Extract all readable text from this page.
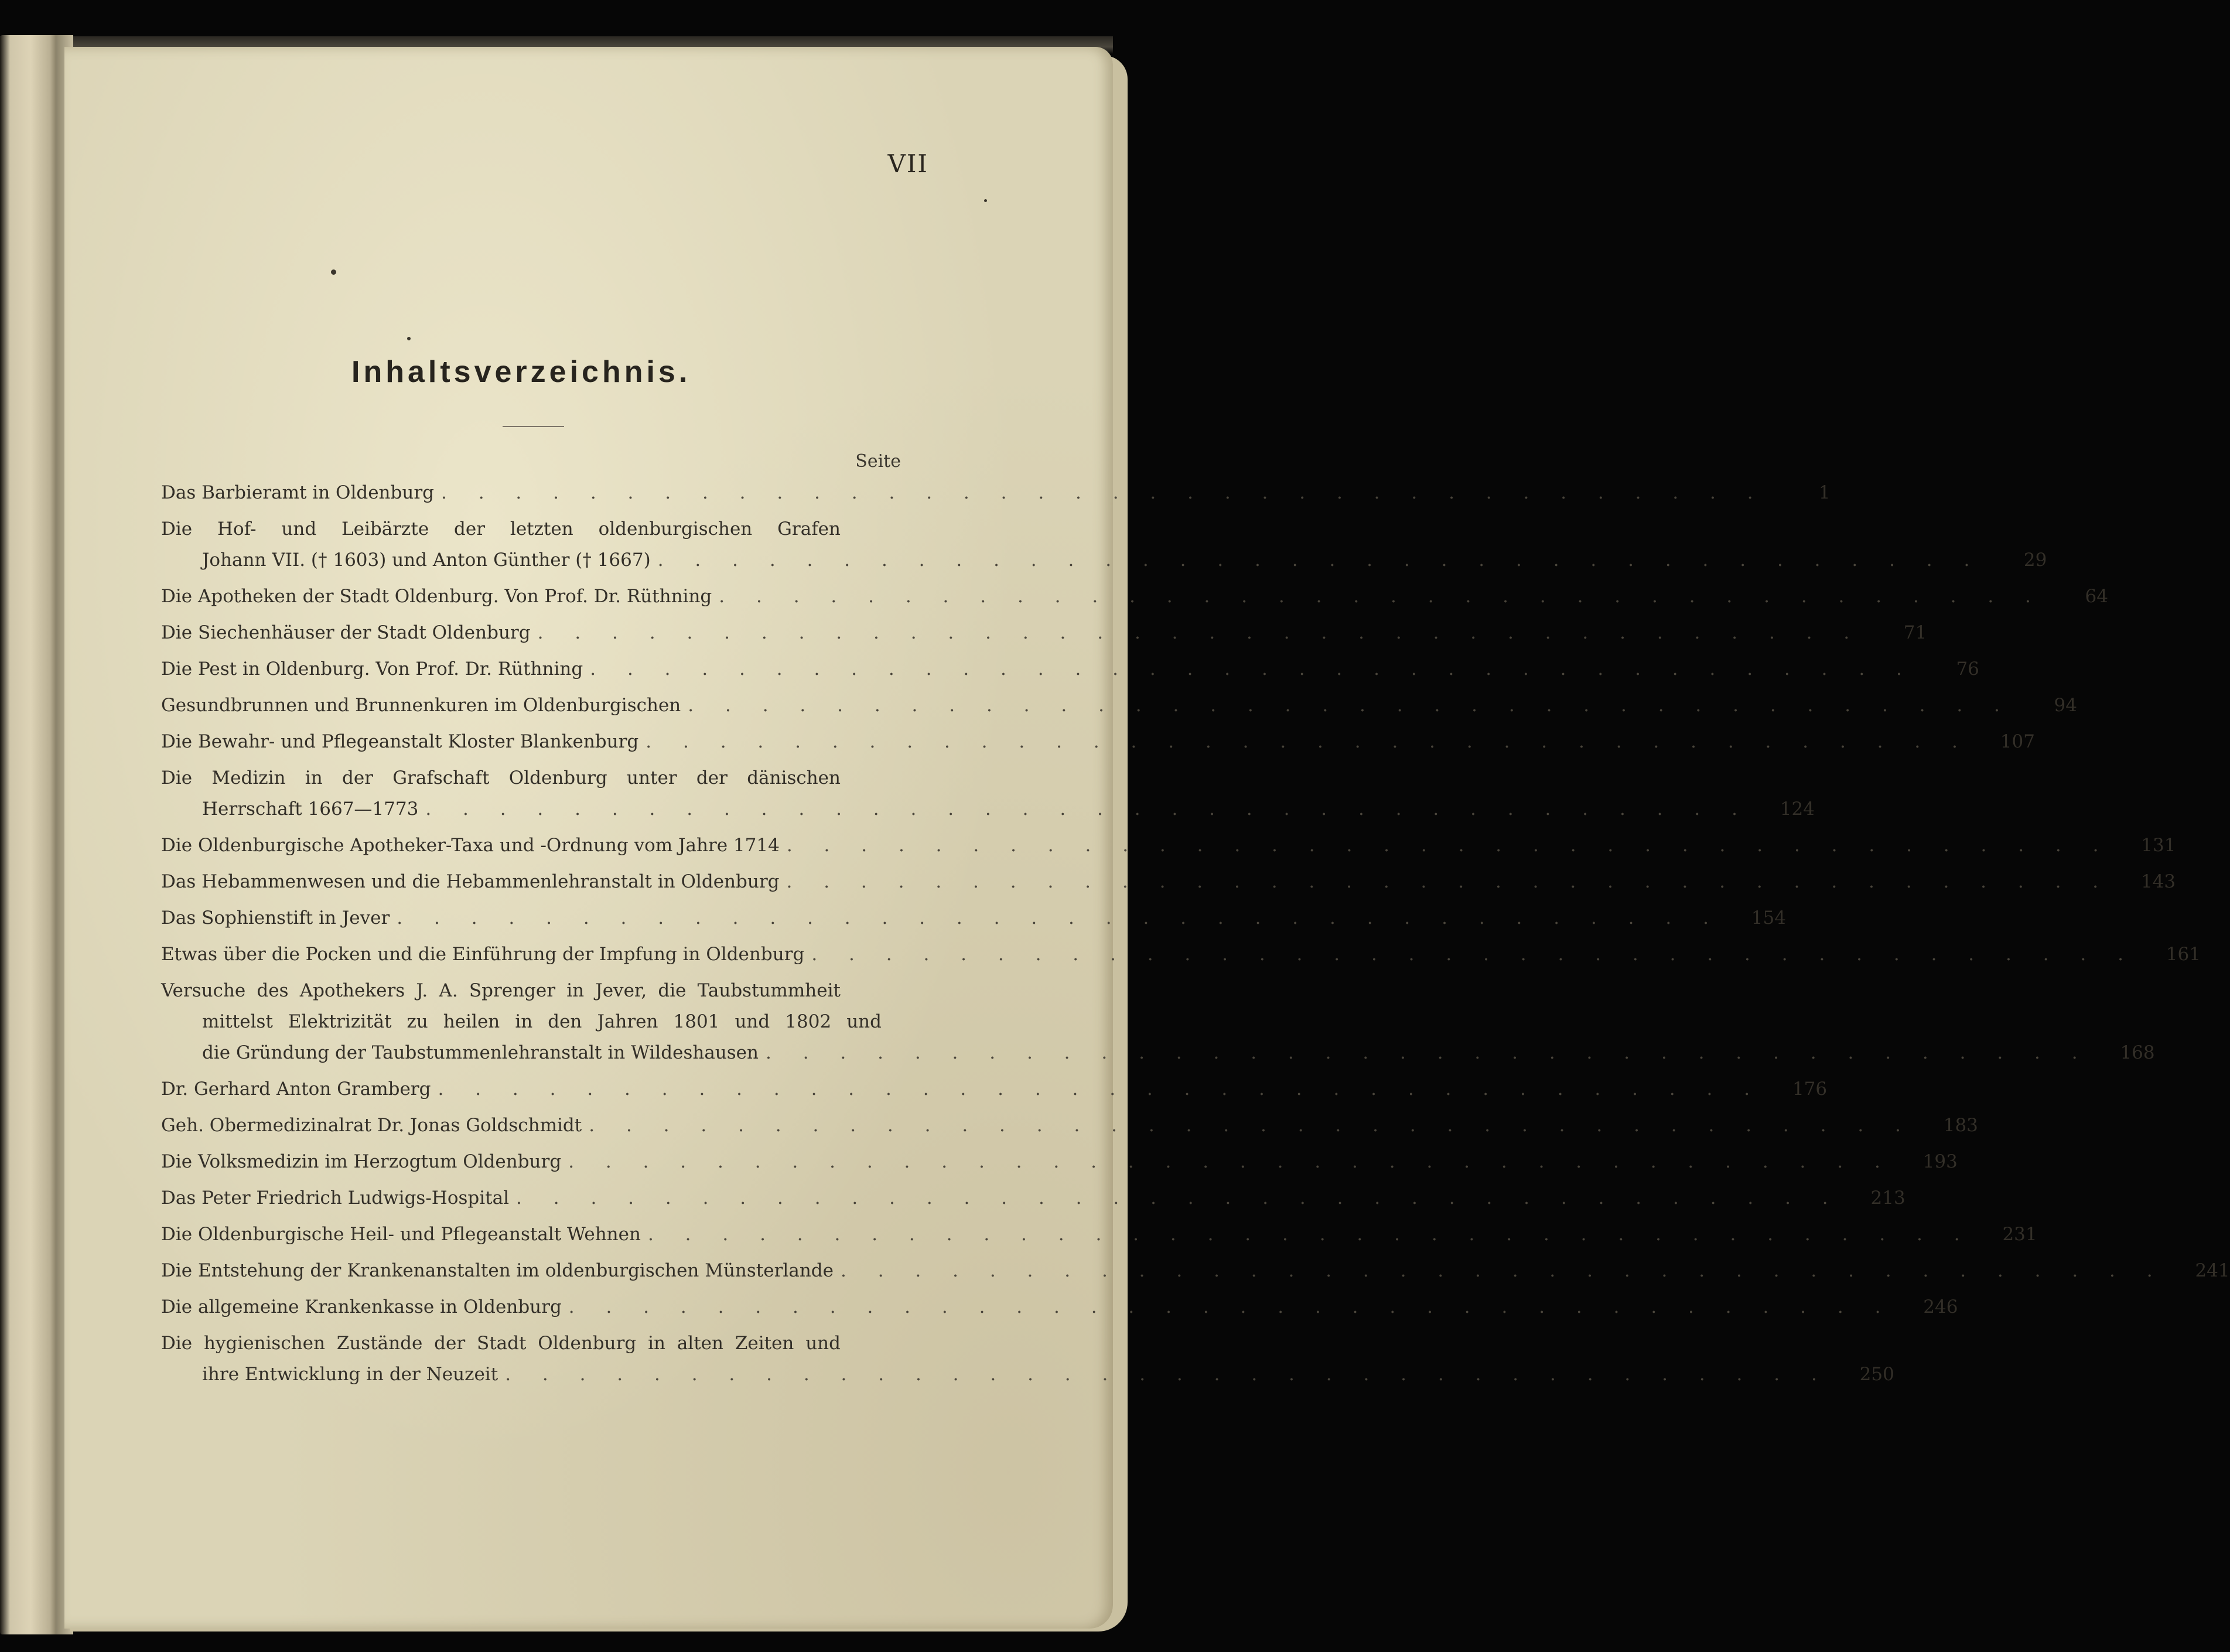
VII
Inhaltsverzeichnis.
Seite
Das Barbieramt in Oldenburg . . . . . . . . . . . . . . . . . . . . . . . . . . . . . . . . . . . .	1
Die Hof- und Leibärzte der letzten oldenburgischen Grafen
Johann VII. († 1603) und Anton Günther († 1667) . . . . . . . . . . . . . . . . . . . . . . . . . . . . . . . . . . . .	29
Die Apotheken der Stadt Oldenburg. Von Prof. Dr. Rüthning . . . . . . . . . . . . . . . . . . . . . . . . . . . . . . . . . . . .	64
Die Siechenhäuser der Stadt Oldenburg . . . . . . . . . . . . . . . . . . . . . . . . . . . . . . . . . . . .	71
Die Pest in Oldenburg. Von Prof. Dr. Rüthning . . . . . . . . . . . . . . . . . . . . . . . . . . . . . . . . . . . .	76
Gesundbrunnen und Brunnenkuren im Oldenburgischen . . . . . . . . . . . . . . . . . . . . . . . . . . . . . . . . . . . .	94
Die Bewahr- und Pflegeanstalt Kloster Blankenburg . . . . . . . . . . . . . . . . . . . . . . . . . . . . . . . . . . . .	107
Die Medizin in der Grafschaft Oldenburg unter der dänischen
Herrschaft 1667—1773 . . . . . . . . . . . . . . . . . . . . . . . . . . . . . . . . . . . .	124
Die Oldenburgische Apotheker-Taxa und -Ordnung vom Jahre 1714 . . . . . . . . . . . . . . . . . . . . . . . . . . . . . . . . . . . .	131
Das Hebammenwesen und die Hebammenlehranstalt in Oldenburg . . . . . . . . . . . . . . . . . . . . . . . . . . . . . . . . . . . .	143
Das Sophienstift in Jever . . . . . . . . . . . . . . . . . . . . . . . . . . . . . . . . . . . .	154
Etwas über die Pocken und die Einführung der Impfung in Oldenburg . . . . . . . . . . . . . . . . . . . . . . . . . . . . . . . . . . . .	161
Versuche des Apothekers J. A. Sprenger in Jever, die Taubstummheit
mittelst Elektrizität zu heilen in den Jahren 1801 und 1802 und
die Gründung der Taubstummenlehranstalt in Wildeshausen . . . . . . . . . . . . . . . . . . . . . . . . . . . . . . . . . . . .	168
Dr. Gerhard Anton Gramberg . . . . . . . . . . . . . . . . . . . . . . . . . . . . . . . . . . . .	176
Geh. Obermedizinalrat Dr. Jonas Goldschmidt . . . . . . . . . . . . . . . . . . . . . . . . . . . . . . . . . . . .	183
Die Volksmedizin im Herzogtum Oldenburg . . . . . . . . . . . . . . . . . . . . . . . . . . . . . . . . . . . .	193
Das Peter Friedrich Ludwigs-Hospital . . . . . . . . . . . . . . . . . . . . . . . . . . . . . . . . . . . .	213
Die Oldenburgische Heil- und Pflegeanstalt Wehnen . . . . . . . . . . . . . . . . . . . . . . . . . . . . . . . . . . . .	231
Die Entstehung der Krankenanstalten im oldenburgischen Münsterlande . . . . . . . . . . . . . . . . . . . . . . . . . . . . . . . . . . . .	241
Die allgemeine Krankenkasse in Oldenburg . . . . . . . . . . . . . . . . . . . . . . . . . . . . . . . . . . . .	246
Die hygienischen Zustände der Stadt Oldenburg in alten Zeiten und
ihre Entwicklung in der Neuzeit . . . . . . . . . . . . . . . . . . . . . . . . . . . . . . . . . . . .	250
